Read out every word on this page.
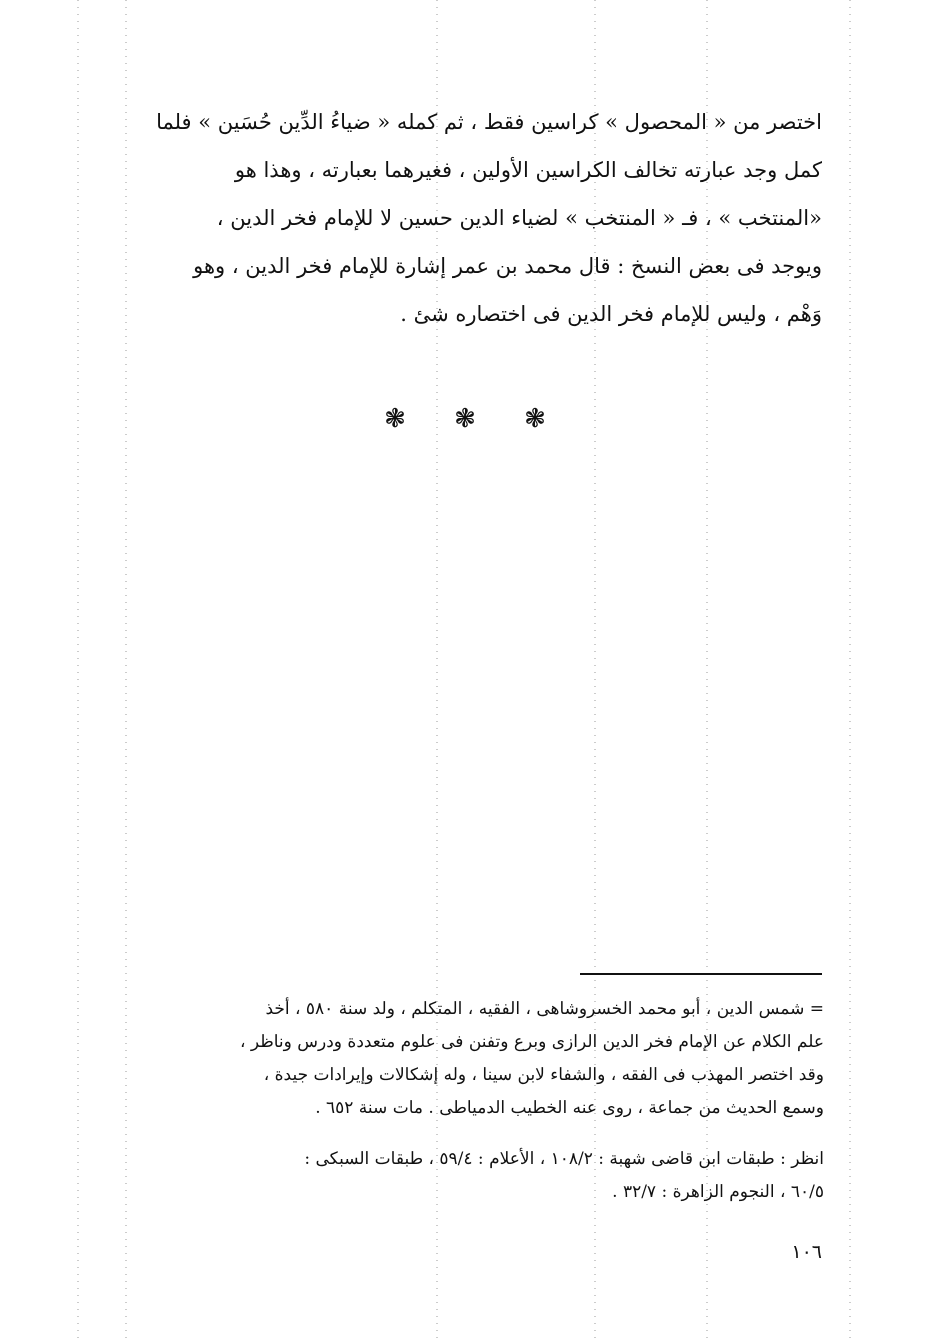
اختصر من « المحصول » كراسين فقط ، ثم كمله « ضياءُ الدِّين حُسَين » فلما
كمل وجد عبارته تخالف الكراسين الأولين ، فغيرهما بعبارته ، وهذا هو
«المنتخب » ، فـ « المنتخب » لضياء الدين حسين لا للإمام فخر الدين ،
ويوجد فى بعض النسخ : قال محمد بن عمر إشارة للإمام فخر الدين ، وهو
وَهْم ، وليس للإمام فخر الدين فى اختصاره شئ .
❃
❃
❃
= شمس الدين ، أبو محمد الخسروشاهى ، الفقيه ، المتكلم ، ولد سنة ٥٨٠ ، أخذ
علم الكلام عن الإمام فخر الدين الرازى وبرع وتفنن فى علوم متعددة ودرس وناظر ،
وقد اختصر المهذب فى الفقه ، والشفاء لابن سينا ، وله إشكالات وإيرادات جيدة ،
وسمع الحديث من جماعة ، روى عنه الخطيب الدمياطى . مات سنة ٦٥٢ .
انظر : طبقات ابن قاضى شهبة : ١٠٨/٢ ، الأعلام : ٥٩/٤ ، طبقات السبكى :
٦٠/٥ ، النجوم الزاهرة : ٣٢/٧ .
١٠٦
